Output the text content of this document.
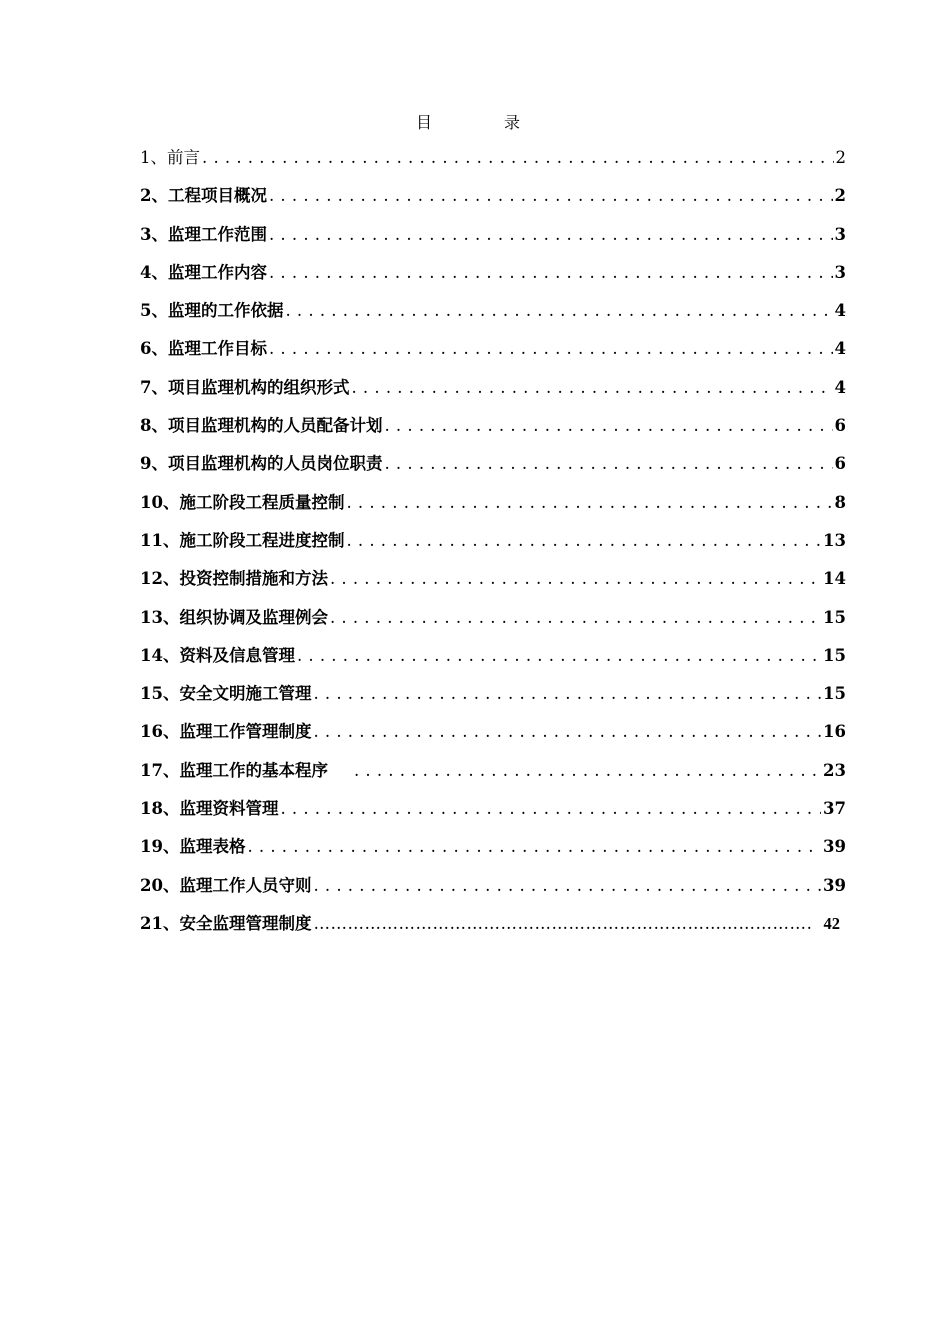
目　录
1、前言 .....	2
2、工程项目概况 .....	2
3、监理工作范围 .....	3
4、监理工作内容 .....	3
5、监理的工作依据 .....	4
6、监理工作目标 .....	4
7、项目监理机构的组织形式 .....	4
8、项目监理机构的人员配备计划 .....	6
9、项目监理机构的人员岗位职责 .....	6
10、施工阶段工程质量控制 .....	8
11、施工阶段工程进度控制 .....	13
12、投资控制措施和方法 .....	14
13、组织协调及监理例会 .....	15
14、资料及信息管理 .....	15
15、安全文明施工管理 .....	15
16、监理工作管理制度 .....	16
17、监理工作的基本程序 .....	23
18、监理资料管理 .....	37
19、监理表格 .....	39
20、监理工作人员守则 .....	39
21、安全监理管理制度 ……………………………………………………………………………………………………………………………………	42
